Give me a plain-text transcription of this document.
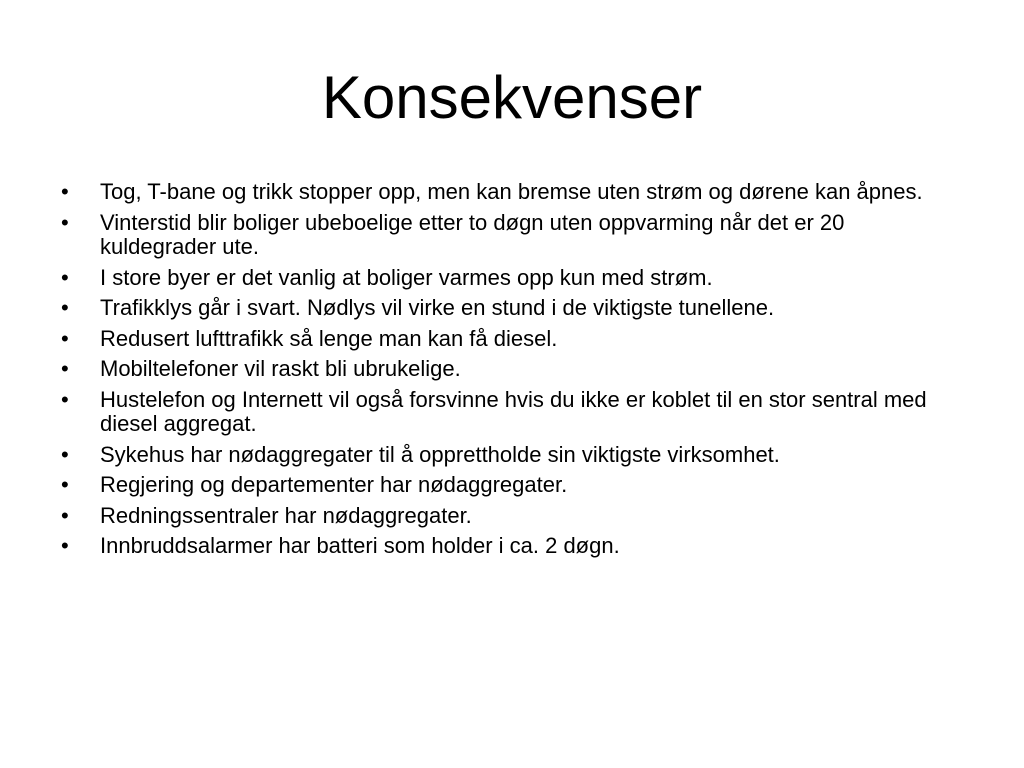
Konsekvenser
• Tog, T-bane og trikk stopper opp, men kan bremse uten strøm og dørene kan åpnes.
• Vinterstid blir boliger ubeboelige etter to døgn uten oppvarming når det er 20 kuldegrader ute.
• I store byer er det vanlig at boliger varmes opp kun med strøm.
• Trafikklys går i svart. Nødlys vil virke en stund i de viktigste tunellene.
• Redusert lufttrafikk så lenge man kan få diesel.
• Mobiltelefoner vil raskt bli ubrukelige.
• Hustelefon og Internett vil også forsvinne hvis du ikke er koblet til en stor sentral med diesel aggregat.
• Sykehus har nødaggregater til å opprettholde sin viktigste virksomhet.
• Regjering og departementer har nødaggregater.
• Redningssentraler har nødaggregater.
• Innbruddsalarmer har batteri som holder i ca. 2 døgn.
